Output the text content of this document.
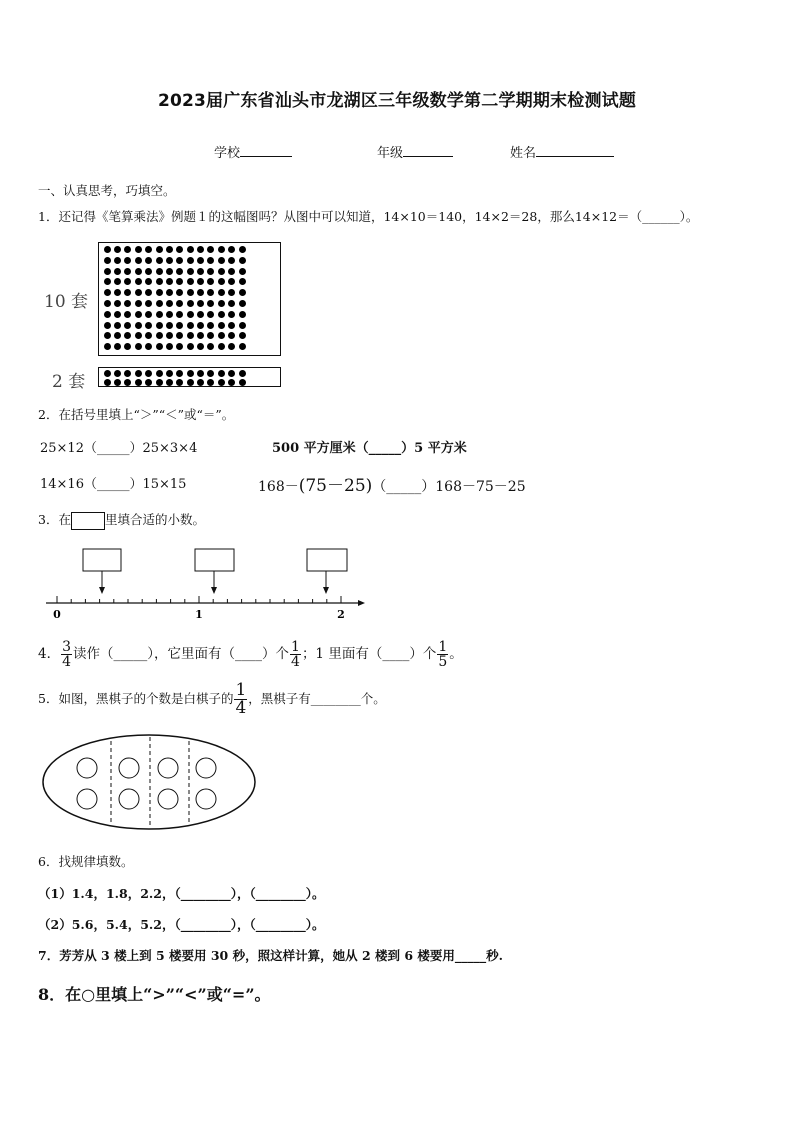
2023届广东省汕头市龙湖区三年级数学第二学期期末检测试题
学校	年级	姓名
一、认真思考，巧填空。
1．还记得《笔算乘法》例题１的这幅图吗？从图中可以知道，14×10＝140，14×2＝28，那么14×12＝（______）。
10 套
2 套
2．在括号里填上“＞”“＜”或“＝”。
25×12（_____）25×3×4	500 平方厘米（_____）5 平方米
14×16（_____）15×15	168－(75－25)（_____）168－75－25
3．在	里填合适的小数。
0	1	2
4． $\frac{3}{4}$ 读作（_____），它里面有（____）个 $\frac{1}{4}$ ；1 里面有（____）个 $\frac{1}{5}$ 。
5．如图，黑棋子的个数是白棋子的 $\frac{1}{4}$ ，黑棋子有________个。
6．找规律填数。
（1）1.4，1.8，2.2，（________），（________）。
（2）5.6，5.4，5.2，（________），（________）。
7．芳芳从 3 楼上到 5 楼要用 30 秒，照这样计算，她从 2 楼到 6 楼要用_____秒.
8．在○里填上“>”“<”或“=”。
